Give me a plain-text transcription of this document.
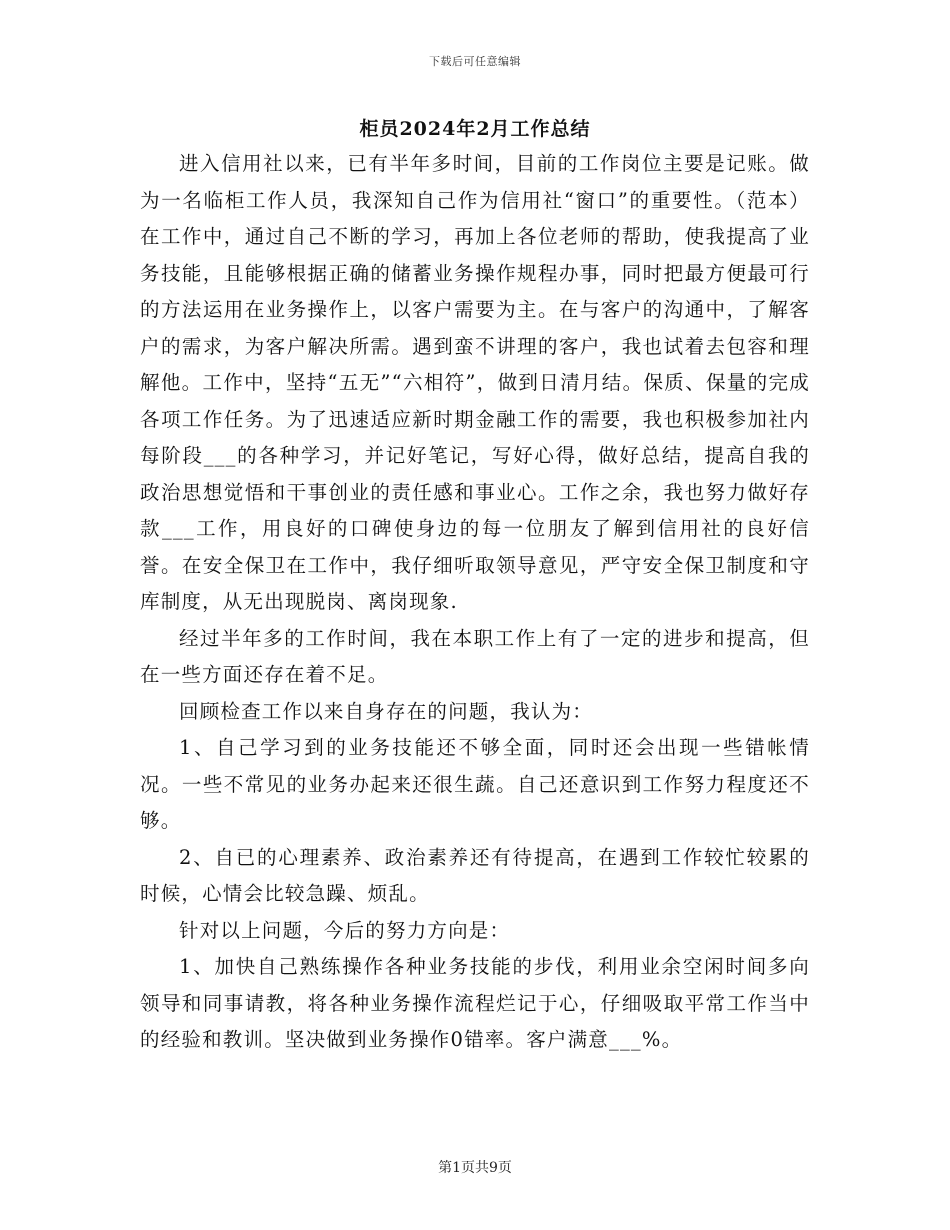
下载后可任意编辑
柜员2024年2月工作总结

进入信用社以来，已有半年多时间，目前的工作岗位主要是记账。做为一名临柜工作人员，我深知自己作为信用社“窗口”的重要性。（范本）在工作中，通过自己不断的学习，再加上各位老师的帮助，使我提高了业务技能，且能够根据正确的储蓄业务操作规程办事，同时把最方便最可行的方法运用在业务操作上，以客户需要为主。在与客户的沟通中，了解客户的需求，为客户解决所需。遇到蛮不讲理的客户，我也试着去包容和理解他。工作中，坚持“五无”“六相符”，做到日清月结。保质、保量的完成各项工作任务。为了迅速适应新时期金融工作的需要，我也积极参加社内每阶段___的各种学习，并记好笔记，写好心得，做好总结，提高自我的政治思想觉悟和干事创业的责任感和事业心。工作之余，我也努力做好存款___工作，用良好的口碑使身边的每一位朋友了解到信用社的良好信誉。在安全保卫在工作中，我仔细听取领导意见，严守安全保卫制度和守库制度，从无出现脱岗、离岗现象.

经过半年多的工作时间，我在本职工作上有了一定的进步和提高，但在一些方面还存在着不足。

回顾检查工作以来自身存在的问题，我认为：

1、自己学习到的业务技能还不够全面，同时还会出现一些错帐情况。一些不常见的业务办起来还很生蔬。自己还意识到工作努力程度还不够。

2、自已的心理素养、政治素养还有待提高，在遇到工作较忙较累的时候，心情会比较急躁、烦乱。

针对以上问题，今后的努力方向是：

1、加快自己熟练操作各种业务技能的步伐，利用业余空闲时间多向领导和同事请教，将各种业务操作流程烂记于心，仔细吸取平常工作当中的经验和教训。坚决做到业务操作0错率。客户满意___%。

第1页共9页
